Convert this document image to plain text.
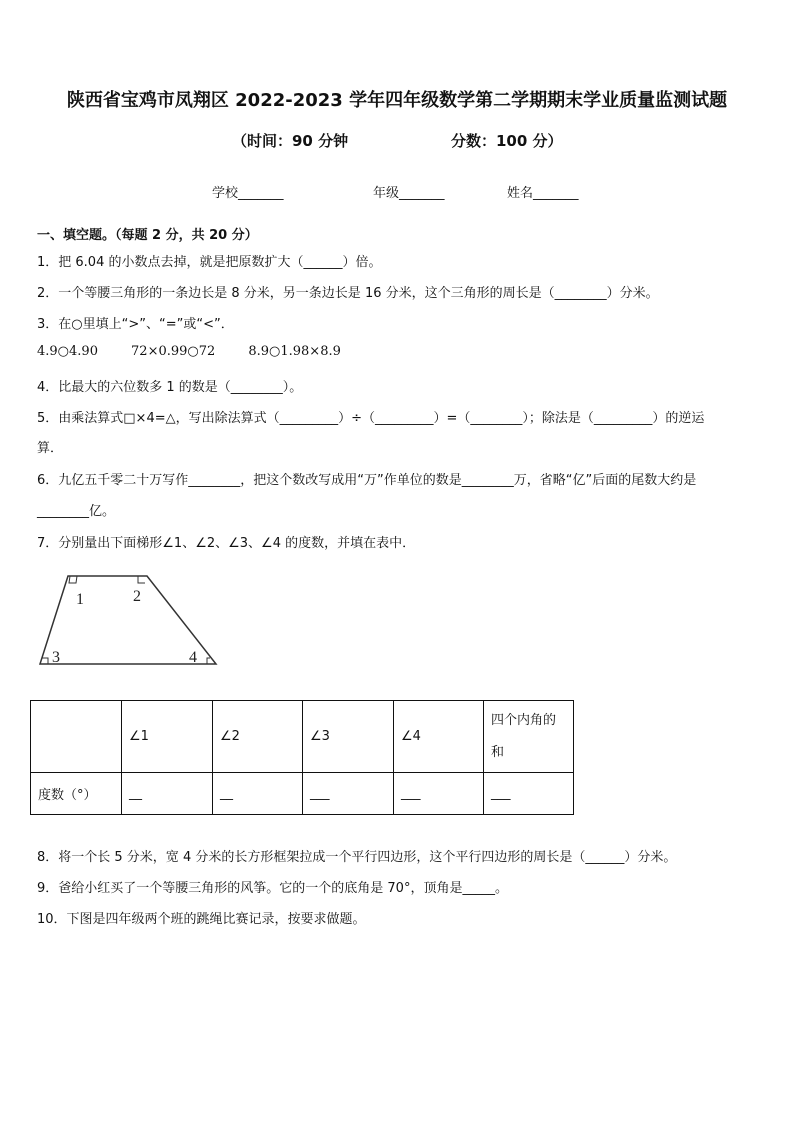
陕西省宝鸡市凤翔区 2022-2023 学年四年级数学第二学期期末学业质量监测试题
（时间：90 分钟	分数：100 分）
学校_______	年级_______	姓名_______
一、填空题。（每题 2 分，共 20 分）
1．把 6.04 的小数点去掉，就是把原数扩大（______）倍。
2．一个等腰三角形的一条边长是 8 分米，另一条边长是 16 分米，这个三角形的周长是（________）分米。
3．在○里填上“>”、“=”或“<”．
4.9○4.90        72×0.99○72        8.9○1.98×8.9
4．比最大的六位数多 1 的数是（________）。
5．由乘法算式□×4=△，写出除法算式（_________）÷（_________）=（________）；除法是（_________）的逆运
算．
6．九亿五千零二十万写作________，把这个数改写成用“万”作单位的数是________万，省略“亿”后面的尾数大约是
________亿。
7．分别量出下面梯形∠1、∠2、∠3、∠4 的度数，并填在表中．
1	2
3	4
	∠1	∠2	∠3	∠4	四个内角的
和

度数（°）	__	__	___	___	___
8．将一个长 5 分米，宽 4 分米的长方形框架拉成一个平行四边形，这个平行四边形的周长是（______）分米。
9．爸给小红买了一个等腰三角形的风筝。它的一个的底角是 70°，顶角是_____。
10．下图是四年级两个班的跳绳比赛记录，按要求做题。
